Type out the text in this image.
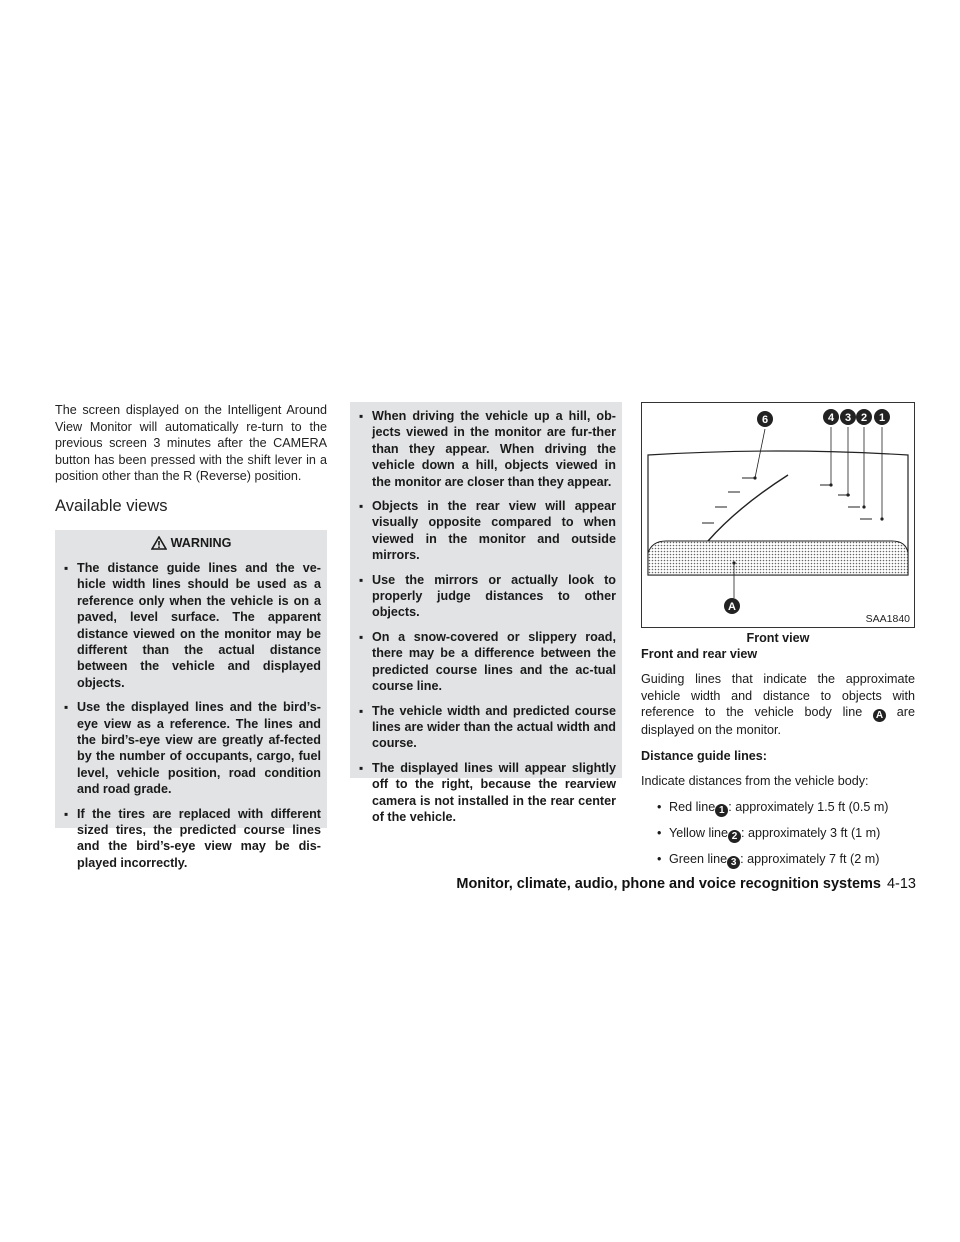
The screen displayed on the Intelligent Around View Monitor will automatically re-turn to the previous screen 3 minutes after the CAMERA button has been pressed with the shift lever in a position other than the R (Reverse) position.

Available views
WARNING
▪ The distance guide lines and the ve-hicle width lines should be used as a reference only when the vehicle is on a paved, level surface. The apparent distance viewed on the monitor may be different than the actual distance between the vehicle and displayed objects.
▪ Use the displayed lines and the bird’s-eye view as a reference. The lines and the bird’s-eye view are greatly af-fected by the number of occupants, cargo, fuel level, vehicle position, road condition and road grade.
▪ If the tires are replaced with different sized tires, the predicted course lines and the bird’s-eye view may be dis-played incorrectly.
▪ When driving the vehicle up a hill, ob-jects viewed in the monitor are fur-ther than they appear. When driving the vehicle down a hill, objects viewed in the monitor are closer than they appear.
▪ Objects in the rear view will appear visually opposite compared to when viewed in the monitor and outside mirrors.
▪ Use the mirrors or actually look to properly judge distances to other objects.
▪ On a snow-covered or slippery road, there may be a difference between the predicted course lines and the ac-tual course line.
▪ The vehicle width and predicted course lines are wider than the actual width and course.
▪ The displayed lines will appear slightly off to the right, because the rearview camera is not installed in the rear center of the vehicle.
6	4 3 2 1
A
SAA1840

Front view

Front and rear view

Guiding lines that indicate the approximate vehicle width and distance to objects with reference to the vehicle body line A are displayed on the monitor.

Distance guide lines:

Indicate distances from the vehicle body:

• Red line 1 : approximately 1.5 ft (0.5 m)
• Yellow line 2 : approximately 3 ft (1 m)
• Green line 3 : approximately 7 ft (2 m)
Monitor, climate, audio, phone and voice recognition systems 4-13
